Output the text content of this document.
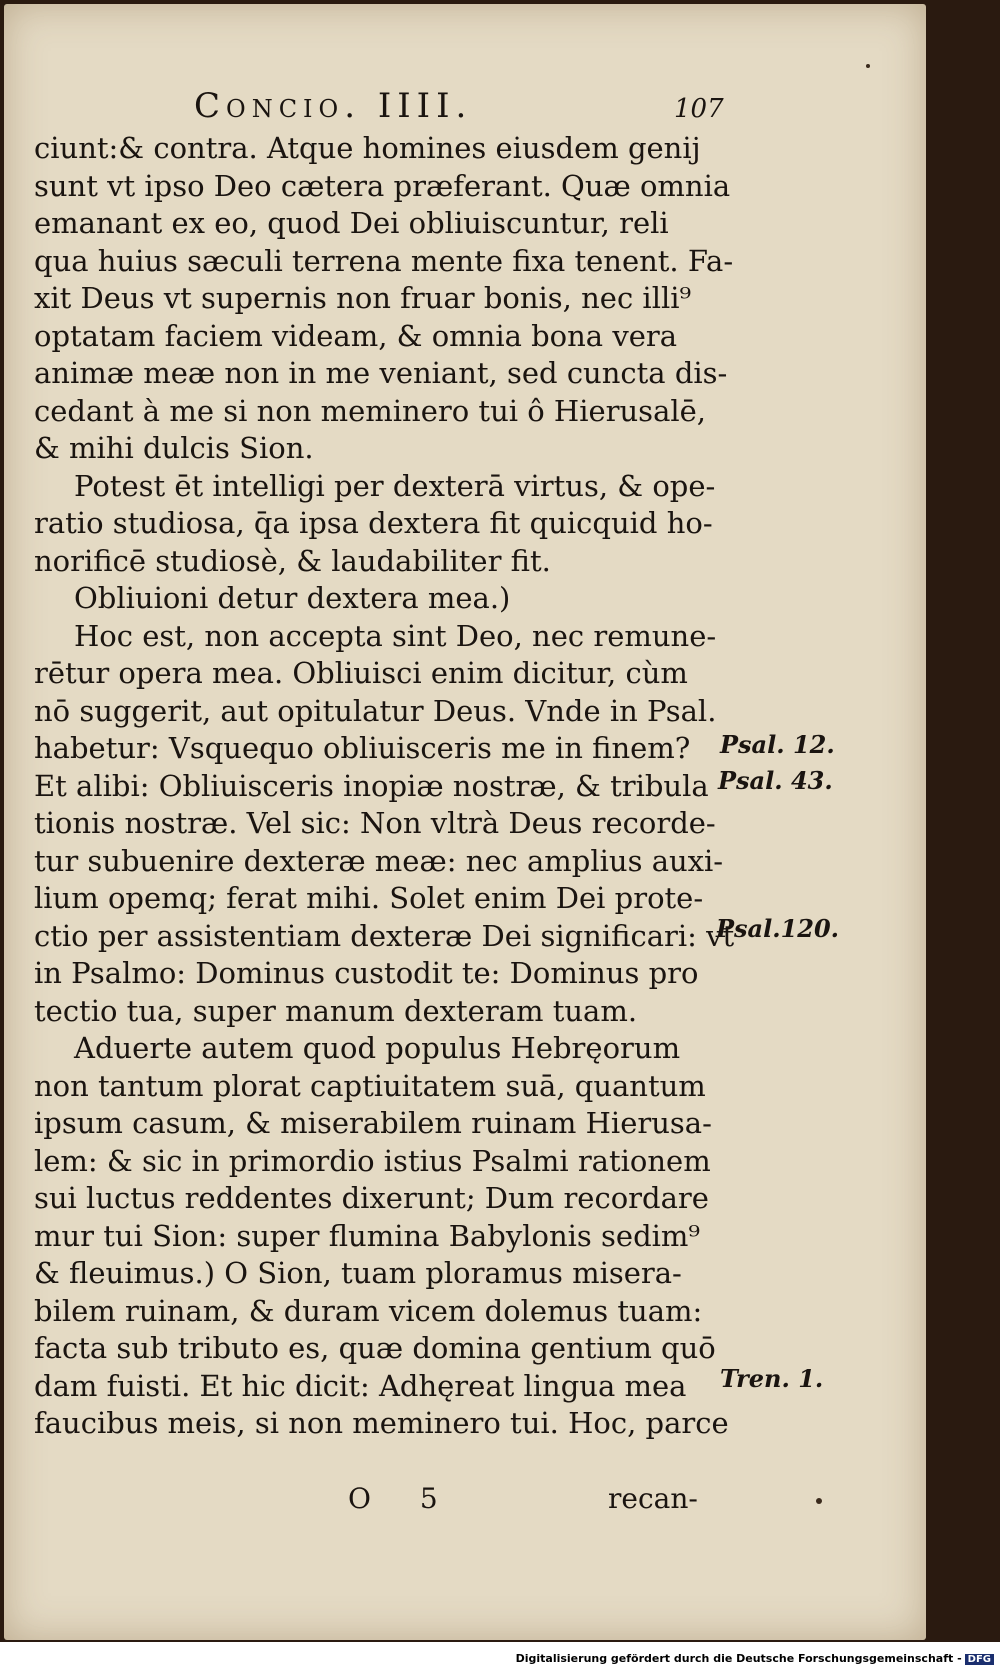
Concio. IIII.	107
ciunt:& contra. Atque homines eiusdem genij
sunt vt ipso Deo cætera præferant. Quæ omnia
emanant ex eo, quod Dei obliuiscuntur, reli
qua huius sæculi terrena mente fixa tenent. Fa-
xit Deus vt supernis non fruar bonis, nec illi⁹
optatam faciem videam, & omnia bona vera
animæ meæ non in me veniant, sed cuncta dis-
cedant à me si non meminero tui ô Hierusalē,
& mihi dulcis Sion.
Potest ēt intelligi per dexterā virtus, & ope-
ratio studiosa, q̄a ipsa dextera fit quicquid ho-
norificē studiosè, & laudabiliter fit.
Obliuioni detur dextera mea.)
Hoc est, non accepta sint Deo, nec remune-
rētur opera mea. Obliuisci enim dicitur, cùm
nō suggerit, aut opitulatur Deus. Vnde in Psal.
habetur: Vsquequo obliuisceris me in finem?
Et alibi: Obliuisceris inopiæ nostræ, & tribula
tionis nostræ. Vel sic: Non vltrà Deus recorde-
tur subuenire dexteræ meæ: nec amplius auxi-
lium opemq; ferat mihi. Solet enim Dei prote-
ctio per assistentiam dexteræ Dei significari: vt
in Psalmo: Dominus custodit te: Dominus pro
tectio tua, super manum dexteram tuam.
Aduerte autem quod populus Hebręorum
non tantum plorat captiuitatem suā, quantum
ipsum casum, & miserabilem ruinam Hierusa-
lem: & sic in primordio istius Psalmi rationem
sui luctus reddentes dixerunt; Dum recordare
mur tui Sion: super flumina Babylonis sedim⁹
& fleuimus.) O Sion, tuam ploramus misera-
bilem ruinam, & duram vicem dolemus tuam:
facta sub tributo es, quæ domina gentium quō
dam fuisti. Et hic dicit: Adhęreat lingua mea
faucibus meis, si non meminero tui. Hoc, parce
Psal. 12.
Psal. 43.
Psal.120.
Tren. 1.
O 5	recan-
Digitalisierung gefördert durch die Deutsche Forschungsgemeinschaft - DFG
